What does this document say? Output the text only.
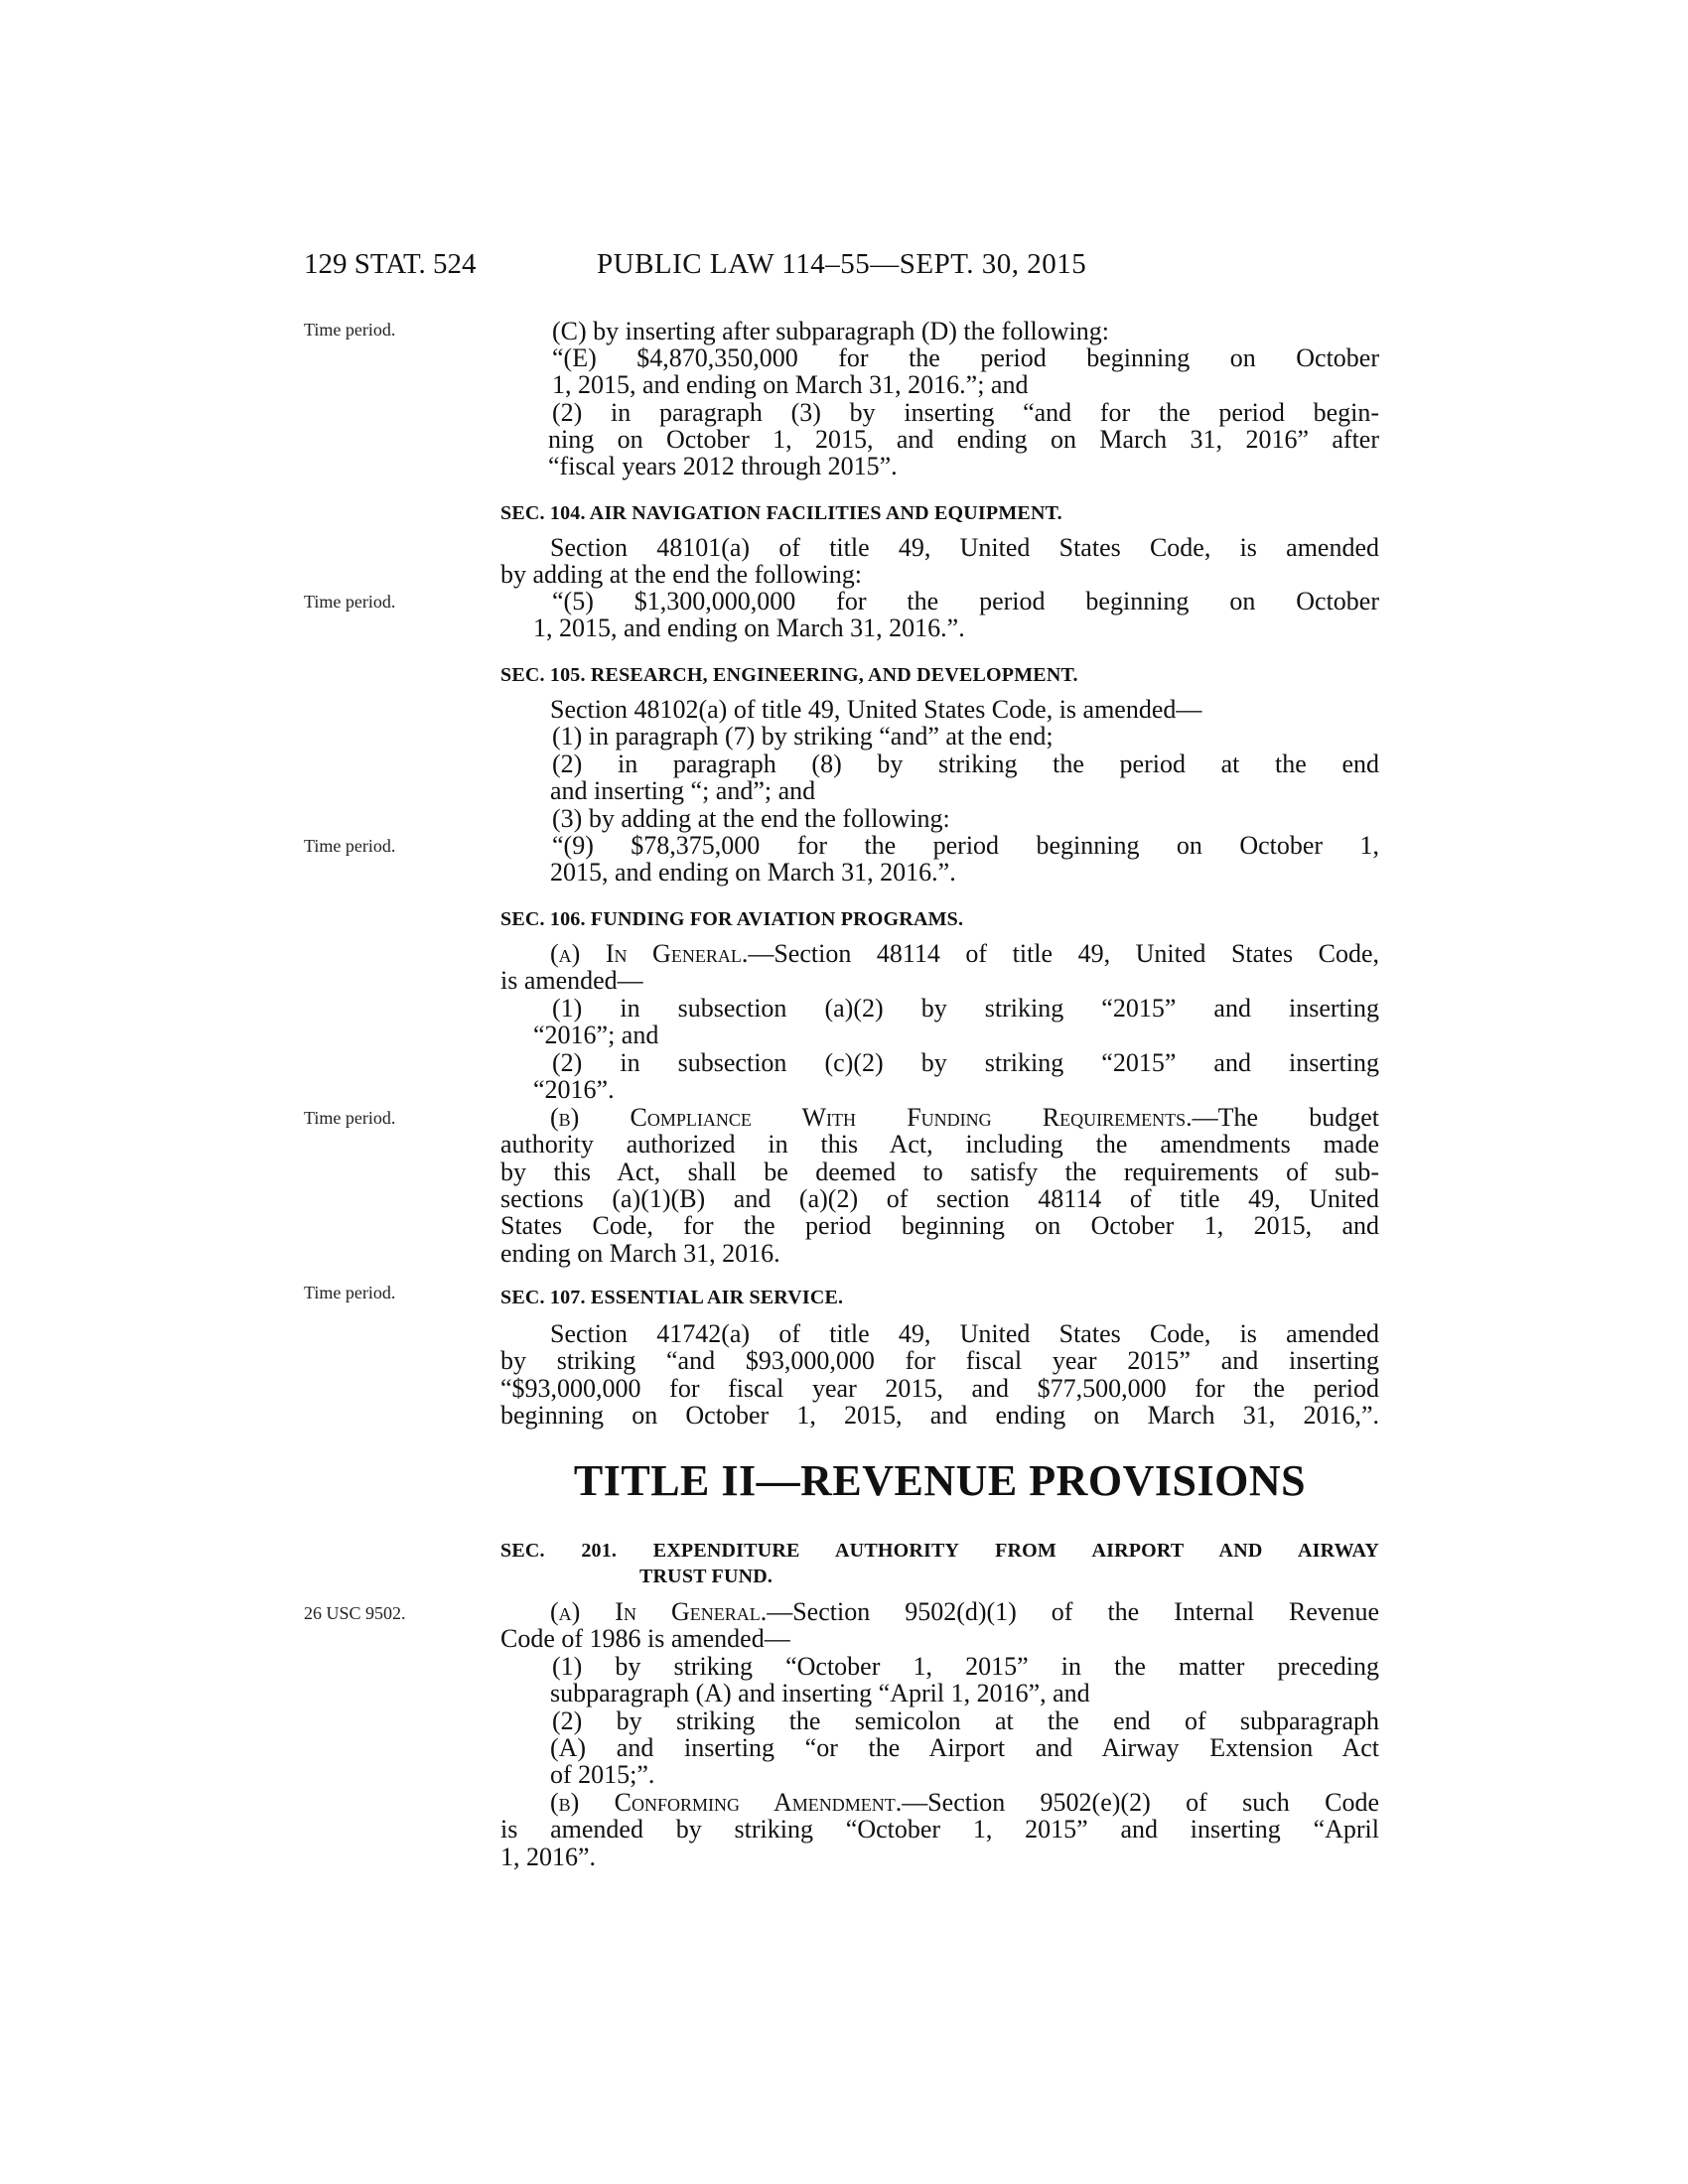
129 STAT. 524	PUBLIC LAW 114–55—SEPT. 30, 2015
Time period.
Time period.
Time period.
Time period.
Time period.
26 USC 9502.
(C) by inserting after subparagraph (D) the following:
“(E) $4,870,350,000 for the period beginning on October
1, 2015, and ending on March 31, 2016.”; and
(2) in paragraph (3) by inserting “and for the period begin-
ning on October 1, 2015, and ending on March 31, 2016” after
“fiscal years 2012 through 2015”.
SEC. 104. AIR NAVIGATION FACILITIES AND EQUIPMENT.
Section 48101(a) of title 49, United States Code, is amended
by adding at the end the following:
“(5) $1,300,000,000 for the period beginning on October
1, 2015, and ending on March 31, 2016.”.
SEC. 105. RESEARCH, ENGINEERING, AND DEVELOPMENT.
Section 48102(a) of title 49, United States Code, is amended—
(1) in paragraph (7) by striking “and” at the end;
(2) in paragraph (8) by striking the period at the end
and inserting “; and”; and
(3) by adding at the end the following:
“(9) $78,375,000 for the period beginning on October 1,
2015, and ending on March 31, 2016.”.
SEC. 106. FUNDING FOR AVIATION PROGRAMS.
(a) In General.—Section 48114 of title 49, United States Code,
is amended—
(1) in subsection (a)(2) by striking “2015” and inserting
“2016”; and
(2) in subsection (c)(2) by striking “2015” and inserting
“2016”.
(b) Compliance With Funding Requirements.—The budget
authority authorized in this Act, including the amendments made
by this Act, shall be deemed to satisfy the requirements of sub-
sections (a)(1)(B) and (a)(2) of section 48114 of title 49, United
States Code, for the period beginning on October 1, 2015, and
ending on March 31, 2016.
SEC. 107. ESSENTIAL AIR SERVICE.
Section 41742(a) of title 49, United States Code, is amended
by striking “and $93,000,000 for fiscal year 2015” and inserting
“$93,000,000 for fiscal year 2015, and $77,500,000 for the period
beginning on October 1, 2015, and ending on March 31, 2016,”.
SEC. 201. EXPENDITURE AUTHORITY FROM AIRPORT AND AIRWAY
TRUST FUND.
(a) In General.—Section 9502(d)(1) of the Internal Revenue
Code of 1986 is amended—
(1) by striking “October 1, 2015” in the matter preceding
subparagraph (A) and inserting “April 1, 2016”, and
(2) by striking the semicolon at the end of subparagraph
(A) and inserting “or the Airport and Airway Extension Act
of 2015;”.
(b) Conforming Amendment.—Section 9502(e)(2) of such Code
is amended by striking “October 1, 2015” and inserting “April
1, 2016”.
TITLE II—REVENUE PROVISIONS
